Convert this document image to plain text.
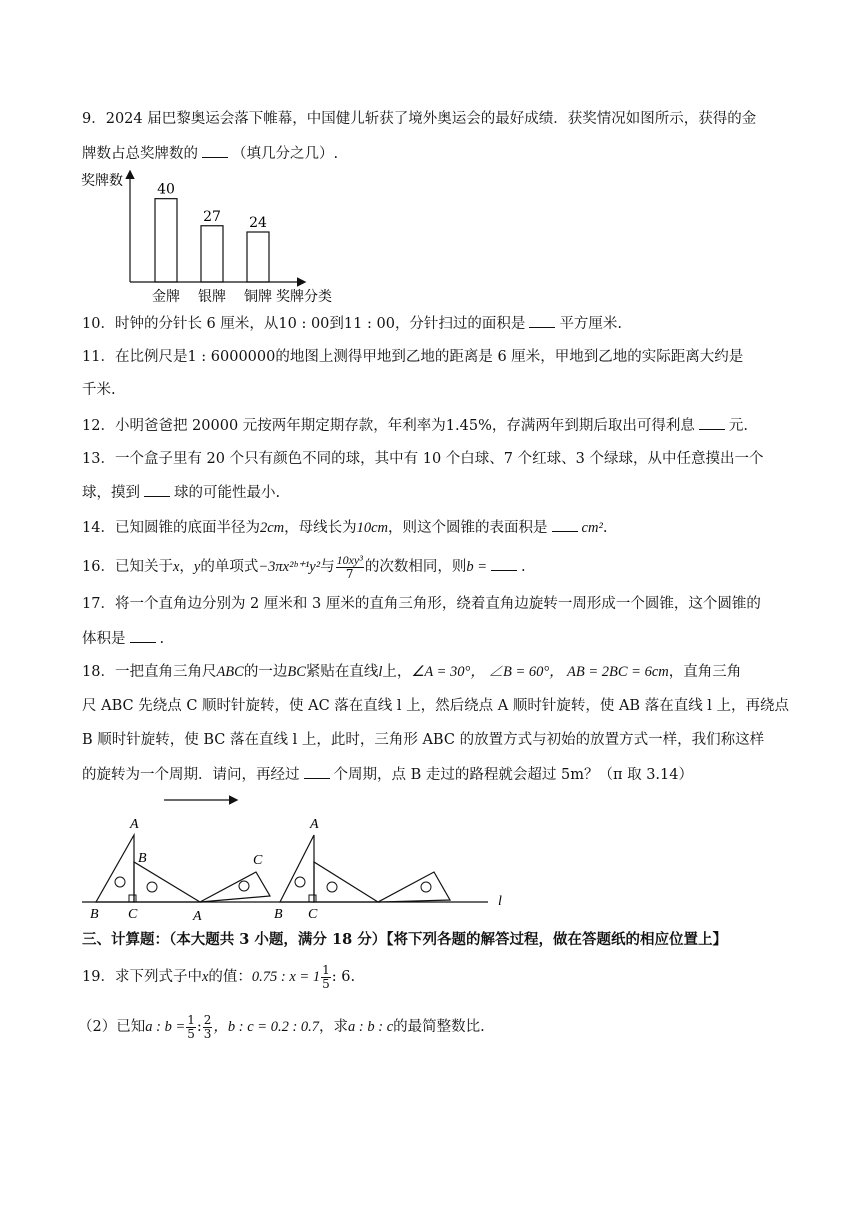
9．2024 届巴黎奥运会落下帷幕，中国健儿斩获了境外奥运会的最好成绩．获奖情况如图所示，获得的金
牌数占总奖牌数的 （填几分之几）.
奖牌数
40
金牌
27
银牌
24
铜牌 奖牌分类
10．时钟的分针长 6 厘米，从10 : 00到11 : 00，分针扫过的面积是 平方厘米.
11．在比例尺是1 : 6000000的地图上测得甲地到乙地的距离是 6 厘米，甲地到乙地的实际距离大约是
千米.
12．小明爸爸把 20000 元按两年期定期存款，年利率为1.45%，存满两年到期后取出可得利息 元.
13．一个盒子里有 20 个只有颜色不同的球，其中有 10 个白球、7 个红球、3 个绿球，从中任意摸出一个
球，摸到 球的可能性最小.
14．已知圆锥的底面半径为2cm，母线长为10cm，则这个圆锥的表面积是 cm².
16．已知关于x，y的单项式−3πx²ᵇ⁺¹y²与 $\frac{\text{10xy³}}{7}$ 的次数相同，则b = .
17．将一个直角边分别为 2 厘米和 3 厘米的直角三角形，绕着直角边旋转一周形成一个圆锥，这个圆锥的
体积是 .
18．一把直角三角尺ABC的一边BC紧贴在直线l上，∠A = 30°， ∠B = 60°， AB = 2BC = 6cm，直角三角
尺 ABC 先绕点 C 顺时针旋转，使 AC 落在直线 l 上，然后绕点 A 顺时针旋转，使 AB 落在直线 l 上，再绕点
B 顺时针旋转，使 BC 落在直线 l 上，此时，三角形 ABC 的放置方式与初始的放置方式一样，我们称这样
的旋转为一个周期．请问，再经过 个周期，点 B 走过的路程就会超过 5m？（π 取 3.14）
A
B
B C	A
C
A
B C
l
三、计算题：（本大题共 3 小题，满分 18 分）【将下列各题的解答过程，做在答题纸的相应位置上】
19．求下列式子中x的值：0.75 : $x = 1 \frac{1}{5}$ : 6.
（2）已知a : $b = \frac{1}{5}$ : $\frac{2}{3}$ ，b : c = 0.2 : 0.7，求a : b : c的最简整数比.
